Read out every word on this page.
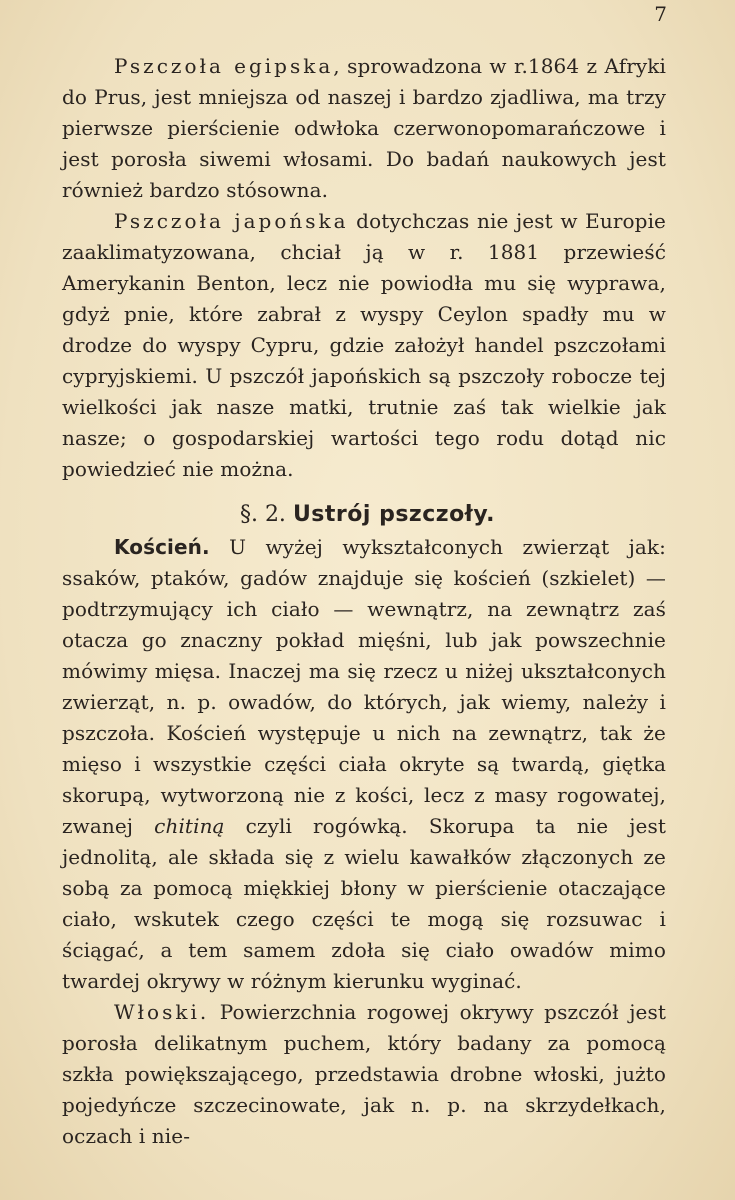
7

Pszczoła egipska, sprowadzona w r.1864 z Afryki do Prus, jest mniejsza od naszej i bardzo zjadliwa, ma trzy pierwsze pierścienie odwłoka czerwonopomarańczowe i jest porosła siwemi włosami. Do badań naukowych jest również bardzo stósowna.

Pszczoła japońska dotychczas nie jest w Europie zaaklimatyzowana, chciał ją w r. 1881 przewieść Amerykanin Benton, lecz nie powiodła mu się wyprawa, gdyż pnie, które zabrał z wyspy Ceylon spadły mu w drodze do wyspy Cypru, gdzie założył handel pszczołami cypryjskiemi. U pszczół japońskich są pszczoły robocze tej wielkości jak nasze matki, trutnie zaś tak wielkie jak nasze; o gospodarskiej wartości tego rodu dotąd nic powiedzieć nie można.

§. 2. Ustrój pszczoły.

Koścień. U wyżej wykształconych zwierząt jak: ssaków, ptaków, gadów znajduje się koścień (szkielet) — podtrzymujący ich ciało — wewnątrz, na zewnątrz zaś otacza go znaczny pokład mięśni, lub jak powszechnie mówimy mięsa. Inaczej ma się rzecz u niżej ukształconych zwierząt, n. p. owadów, do których, jak wiemy, należy i pszczoła. Koścień występuje u nich na zewnątrz, tak że mięso i wszystkie części ciała okryte są twardą, giętka skorupą, wytworzoną nie z kości, lecz z masy rogowatej, zwanej chitiną czyli rogówką. Skorupa ta nie jest jednolitą, ale składa się z wielu kawałków złączonych ze sobą za pomocą miękkiej błony w pierścienie otaczające ciało, wskutek czego części te mogą się rozsuwac i ściągać, a tem samem zdoła się ciało owadów mimo twardej okrywy w różnym kierunku wyginać.

Włoski. Powierzchnia rogowej okrywy pszczół jest porosła delikatnym puchem, który badany za pomocą szkła powiększającego, przedstawia drobne włoski, jużto pojedyńcze szczecinowate, jak n. p. na skrzydełkach, oczach i nie-
